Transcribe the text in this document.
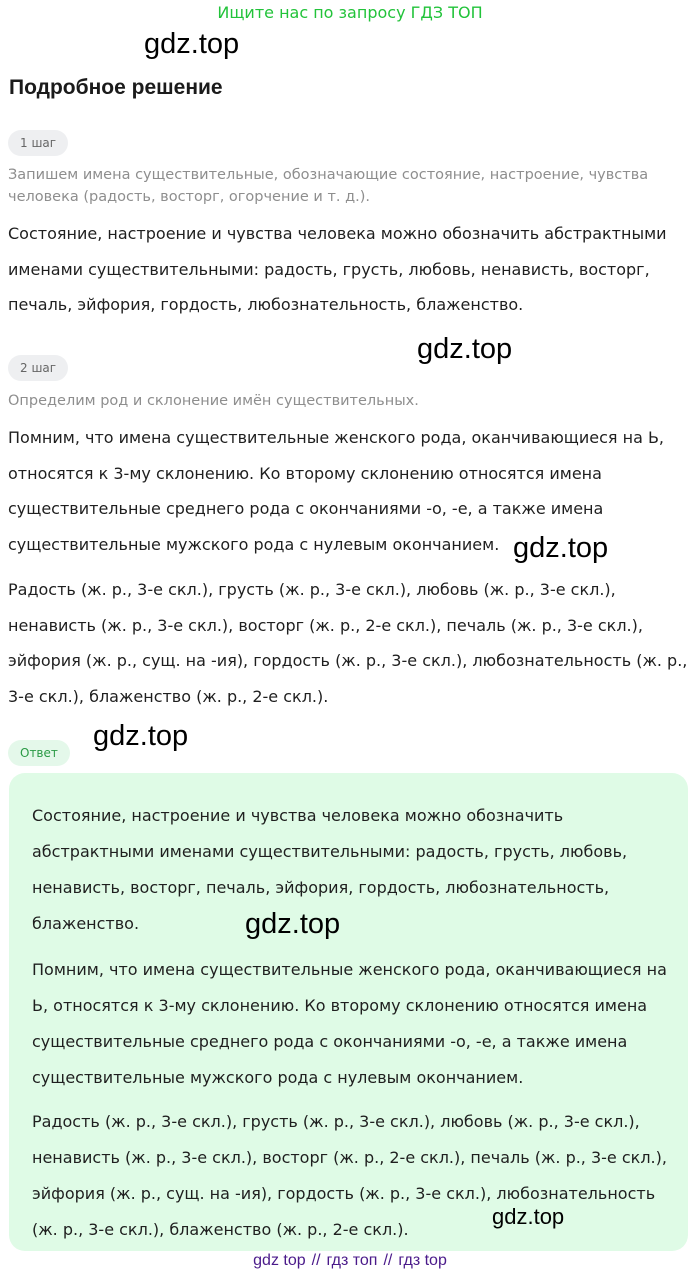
Ищите нас по запросу ГДЗ ТОП
gdz.top
Подробное решение
1 шаг
Запишем имена существительные, обозначающие состояние, настроение, чувства человека (радость, восторг, огорчение и т. д.).
Состояние, настроение и чувства человека можно обозначить абстрактными именами существительными: радость, грусть, любовь, ненависть, восторг, печаль, эйфория, гордость, любознательность, блаженство.
gdz.top
2 шаг
Определим род и склонение имён существительных.
Помним, что имена существительные женского рода, оканчивающиеся на Ь, относятся к 3-му склонению. Ко второму склонению относятся имена существительные среднего рода с окончаниями -о, -е, а также имена существительные мужского рода с нулевым окончанием. gdz.top
Радость (ж. р., 3-е скл.), грусть (ж. р., 3-е скл.), любовь (ж. р., 3-е скл.), ненависть (ж. р., 3-е скл.), восторг (ж. р., 2-е скл.), печаль (ж. р., 3-е скл.), эйфория (ж. р., сущ. на -ия), гордость (ж. р., 3-е скл.), любознательность (ж. р., 3-е скл.), блаженство (ж. р., 2-е скл.).
Ответ
gdz.top
Состояние, настроение и чувства человека можно обозначить абстрактными именами существительными: радость, грусть, любовь, ненависть, восторг, печаль, эйфория, гордость, любознательность, блаженство.	gdz.top
Помним, что имена существительные женского рода, оканчивающиеся на Ь, относятся к 3-му склонению. Ко второму склонению относятся имена существительные среднего рода с окончаниями -о, -е, а также имена существительные мужского рода с нулевым окончанием.
Радость (ж. р., 3-е скл.), грусть (ж. р., 3-е скл.), любовь (ж. р., 3-е скл.), ненависть (ж. р., 3-е скл.), восторг (ж. р., 2-е скл.), печаль (ж. р., 3-е скл.), эйфория (ж. р., сущ. на -ия), гордость (ж. р., 3-е скл.), любознательность (ж. р., 3-е скл.), блаженство (ж. р., 2-е скл.).
gdz.top
gdz top // гдз топ // гдз top
